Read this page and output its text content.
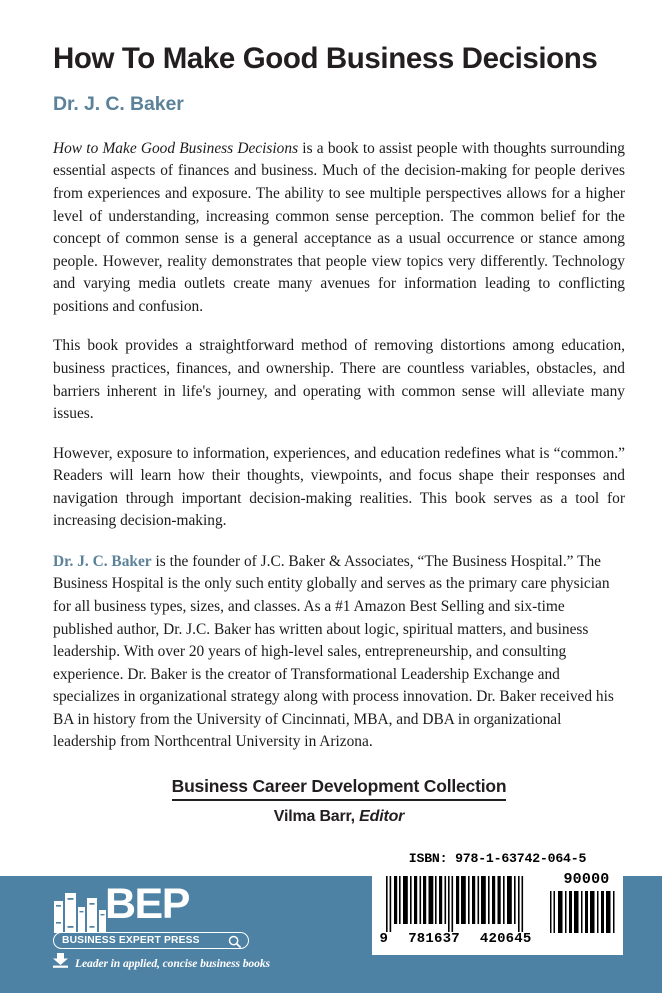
How To Make Good Business Decisions
Dr. J. C. Baker

How to Make Good Business Decisions is a book to assist people with thoughts surrounding essential aspects of finances and business. Much of the decision-making for people derives from experiences and exposure. The ability to see multiple perspectives allows for a higher level of understanding, increasing common sense perception. The common belief for the concept of common sense is a general acceptance as a usual occurrence or stance among people. However, reality demonstrates that people view topics very differently. Technology and varying media outlets create many avenues for information leading to conflicting positions and confusion.

This book provides a straightforward method of removing distortions among education, business practices, finances, and ownership. There are countless variables, obstacles, and barriers inherent in life's journey, and operating with common sense will alleviate many issues.

However, exposure to information, experiences, and education redefines what is “common.” Readers will learn how their thoughts, viewpoints, and focus shape their responses and navigation through important decision-making realities. This book serves as a tool for increasing decision-making.

Dr. J. C. Baker is the founder of J.C. Baker & Associates, “The Business Hospital.” The Business Hospital is the only such entity globally and serves as the primary care physician for all business types, sizes, and classes. As a #1 Amazon Best Selling and six-time published author, Dr. J.C. Baker has written about logic, spiritual matters, and business leadership. With over 20 years of high-level sales, entrepreneurship, and consulting experience. Dr. Baker is the creator of Transformational Leadership Exchange and specializes in organizational strategy along with process innovation. Dr. Baker received his BA in history from the University of Cincinnati, MBA, and DBA in organizational leadership from Northcentral University in Arizona.

Business Career Development Collection
Vilma Barr, Editor
BEP
BUSINESS EXPERT PRESS
Leader in applied, concise business books
ISBN: 978-1-63742-064-5
9 781637 420645
90000
